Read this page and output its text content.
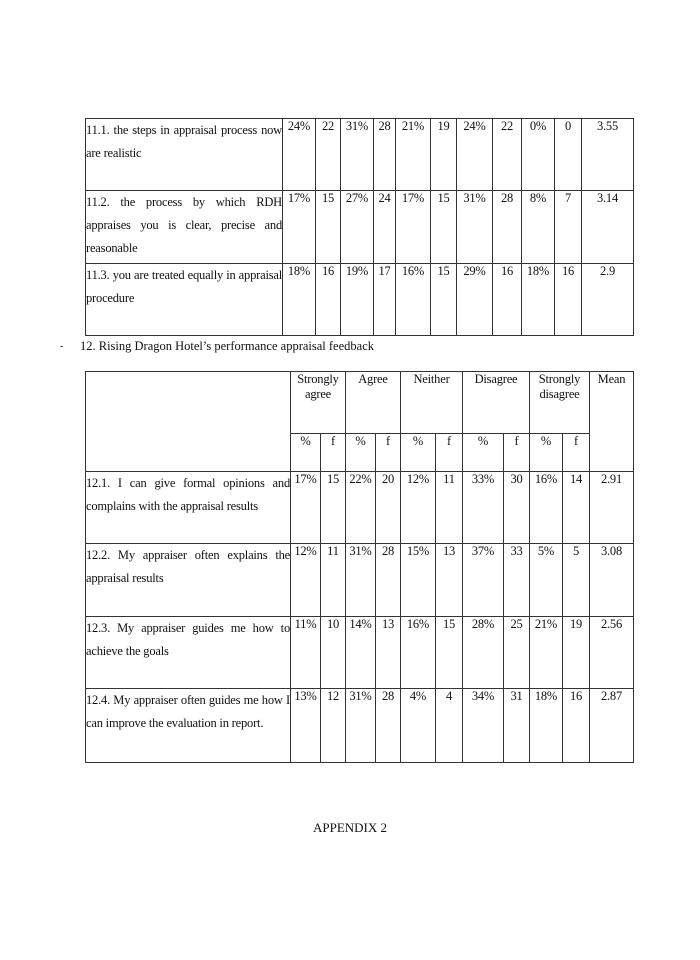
11.1. the steps in appraisal process now are realistic	24%	22	31%	28	21%	19	24%	22	0%	0	3.55
11.2. the process by which RDH appraises you is clear, precise and reasonable	17%	15	27%	24	17%	15	31%	28	8%	7	3.14
11.3. you are treated equally in appraisal procedure	18%	16	19%	17	16%	15	29%	16	18%	16	2.9
- 12. Rising Dragon Hotel’s performance appraisal feedback
	Strongly agree		Agree		Neither		Disagree		Strongly disagree		Mean
	%	f	%	f	%	f	%	f	%	f	
12.1. I can give formal opinions and complains with the appraisal results	17%	15	22%	20	12%	11	33%	30	16%	14	2.91
12.2. My appraiser often explains the appraisal results	12%	11	31%	28	15%	13	37%	33	5%	5	3.08
12.3. My appraiser guides me how to achieve the goals	11%	10	14%	13	16%	15	28%	25	21%	19	2.56
12.4. My appraiser often guides me how I can improve the evaluation in report.	13%	12	31%	28	4%	4	34%	31	18%	16	2.87
APPENDIX 2
